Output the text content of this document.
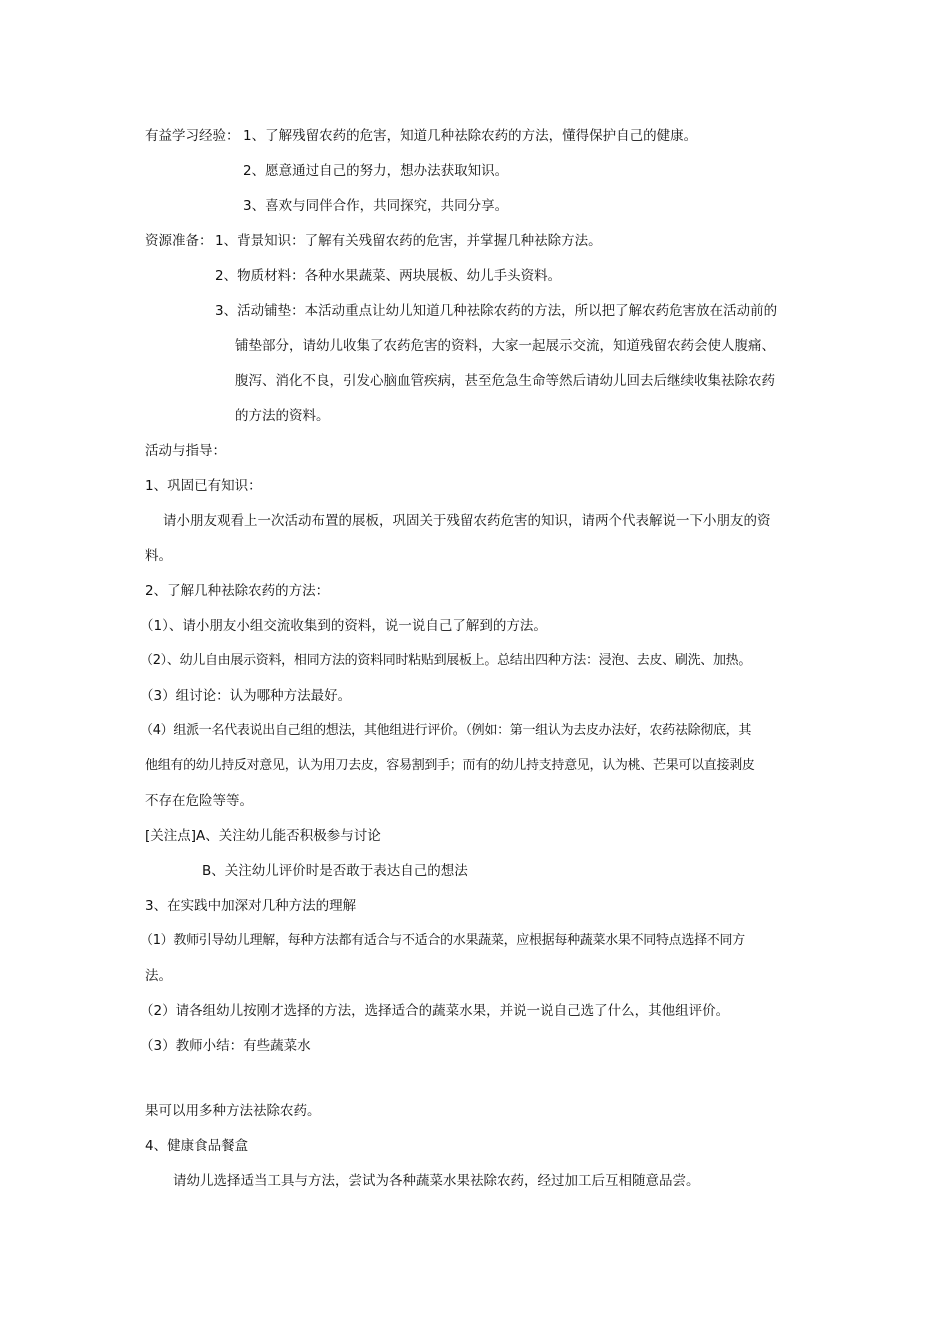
有益学习经验： 1、了解残留农药的危害，知道几种祛除农药的方法，懂得保护自己的健康。
2、愿意通过自己的努力，想办法获取知识。
3、喜欢与同伴合作，共同探究，共同分享。
资源准备： 1、背景知识：了解有关残留农药的危害，并掌握几种祛除方法。
2、物质材料：各种水果蔬菜、两块展板、幼儿手头资料。
3、活动铺垫：本活动重点让幼儿知道几种祛除农药的方法，所以把了解农药危害放在活动前的
铺垫部分，请幼儿收集了农药危害的资料，大家一起展示交流，知道残留农药会使人腹痛、
腹泻、消化不良，引发心脑血管疾病，甚至危急生命等然后请幼儿回去后继续收集祛除农药
的方法的资料。
活动与指导：
1、巩固已有知识：
请小朋友观看上一次活动布置的展板，巩固关于残留农药危害的知识，请两个代表解说一下小朋友的资
料。
2、了解几种祛除农药的方法：
（1）、请小朋友小组交流收集到的资料，说一说自己了解到的方法。
（2）、幼儿自由展示资料，相同方法的资料同时粘贴到展板上。总结出四种方法：浸泡、去皮、刷洗、加热。
（3）组讨论：认为哪种方法最好。
（4）组派一名代表说出自己组的想法，其他组进行评价。（例如：第一组认为去皮办法好，农药祛除彻底，其
他组有的幼儿持反对意见，认为用刀去皮，容易割到手；而有的幼儿持支持意见，认为桃、芒果可以直接剥皮
不存在危险等等。
[关注点]A、关注幼儿能否积极参与讨论
B、关注幼儿评价时是否敢于表达自己的想法
3、在实践中加深对几种方法的理解
（1）教师引导幼儿理解，每种方法都有适合与不适合的水果蔬菜，应根据每种蔬菜水果不同特点选择不同方
法。
（2）请各组幼儿按刚才选择的方法，选择适合的蔬菜水果，并说一说自己选了什么，其他组评价。
（3）教师小结：有些蔬菜水
果可以用多种方法祛除农药。
4、健康食品餐盒
请幼儿选择适当工具与方法，尝试为各种蔬菜水果祛除农药，经过加工后互相随意品尝。
